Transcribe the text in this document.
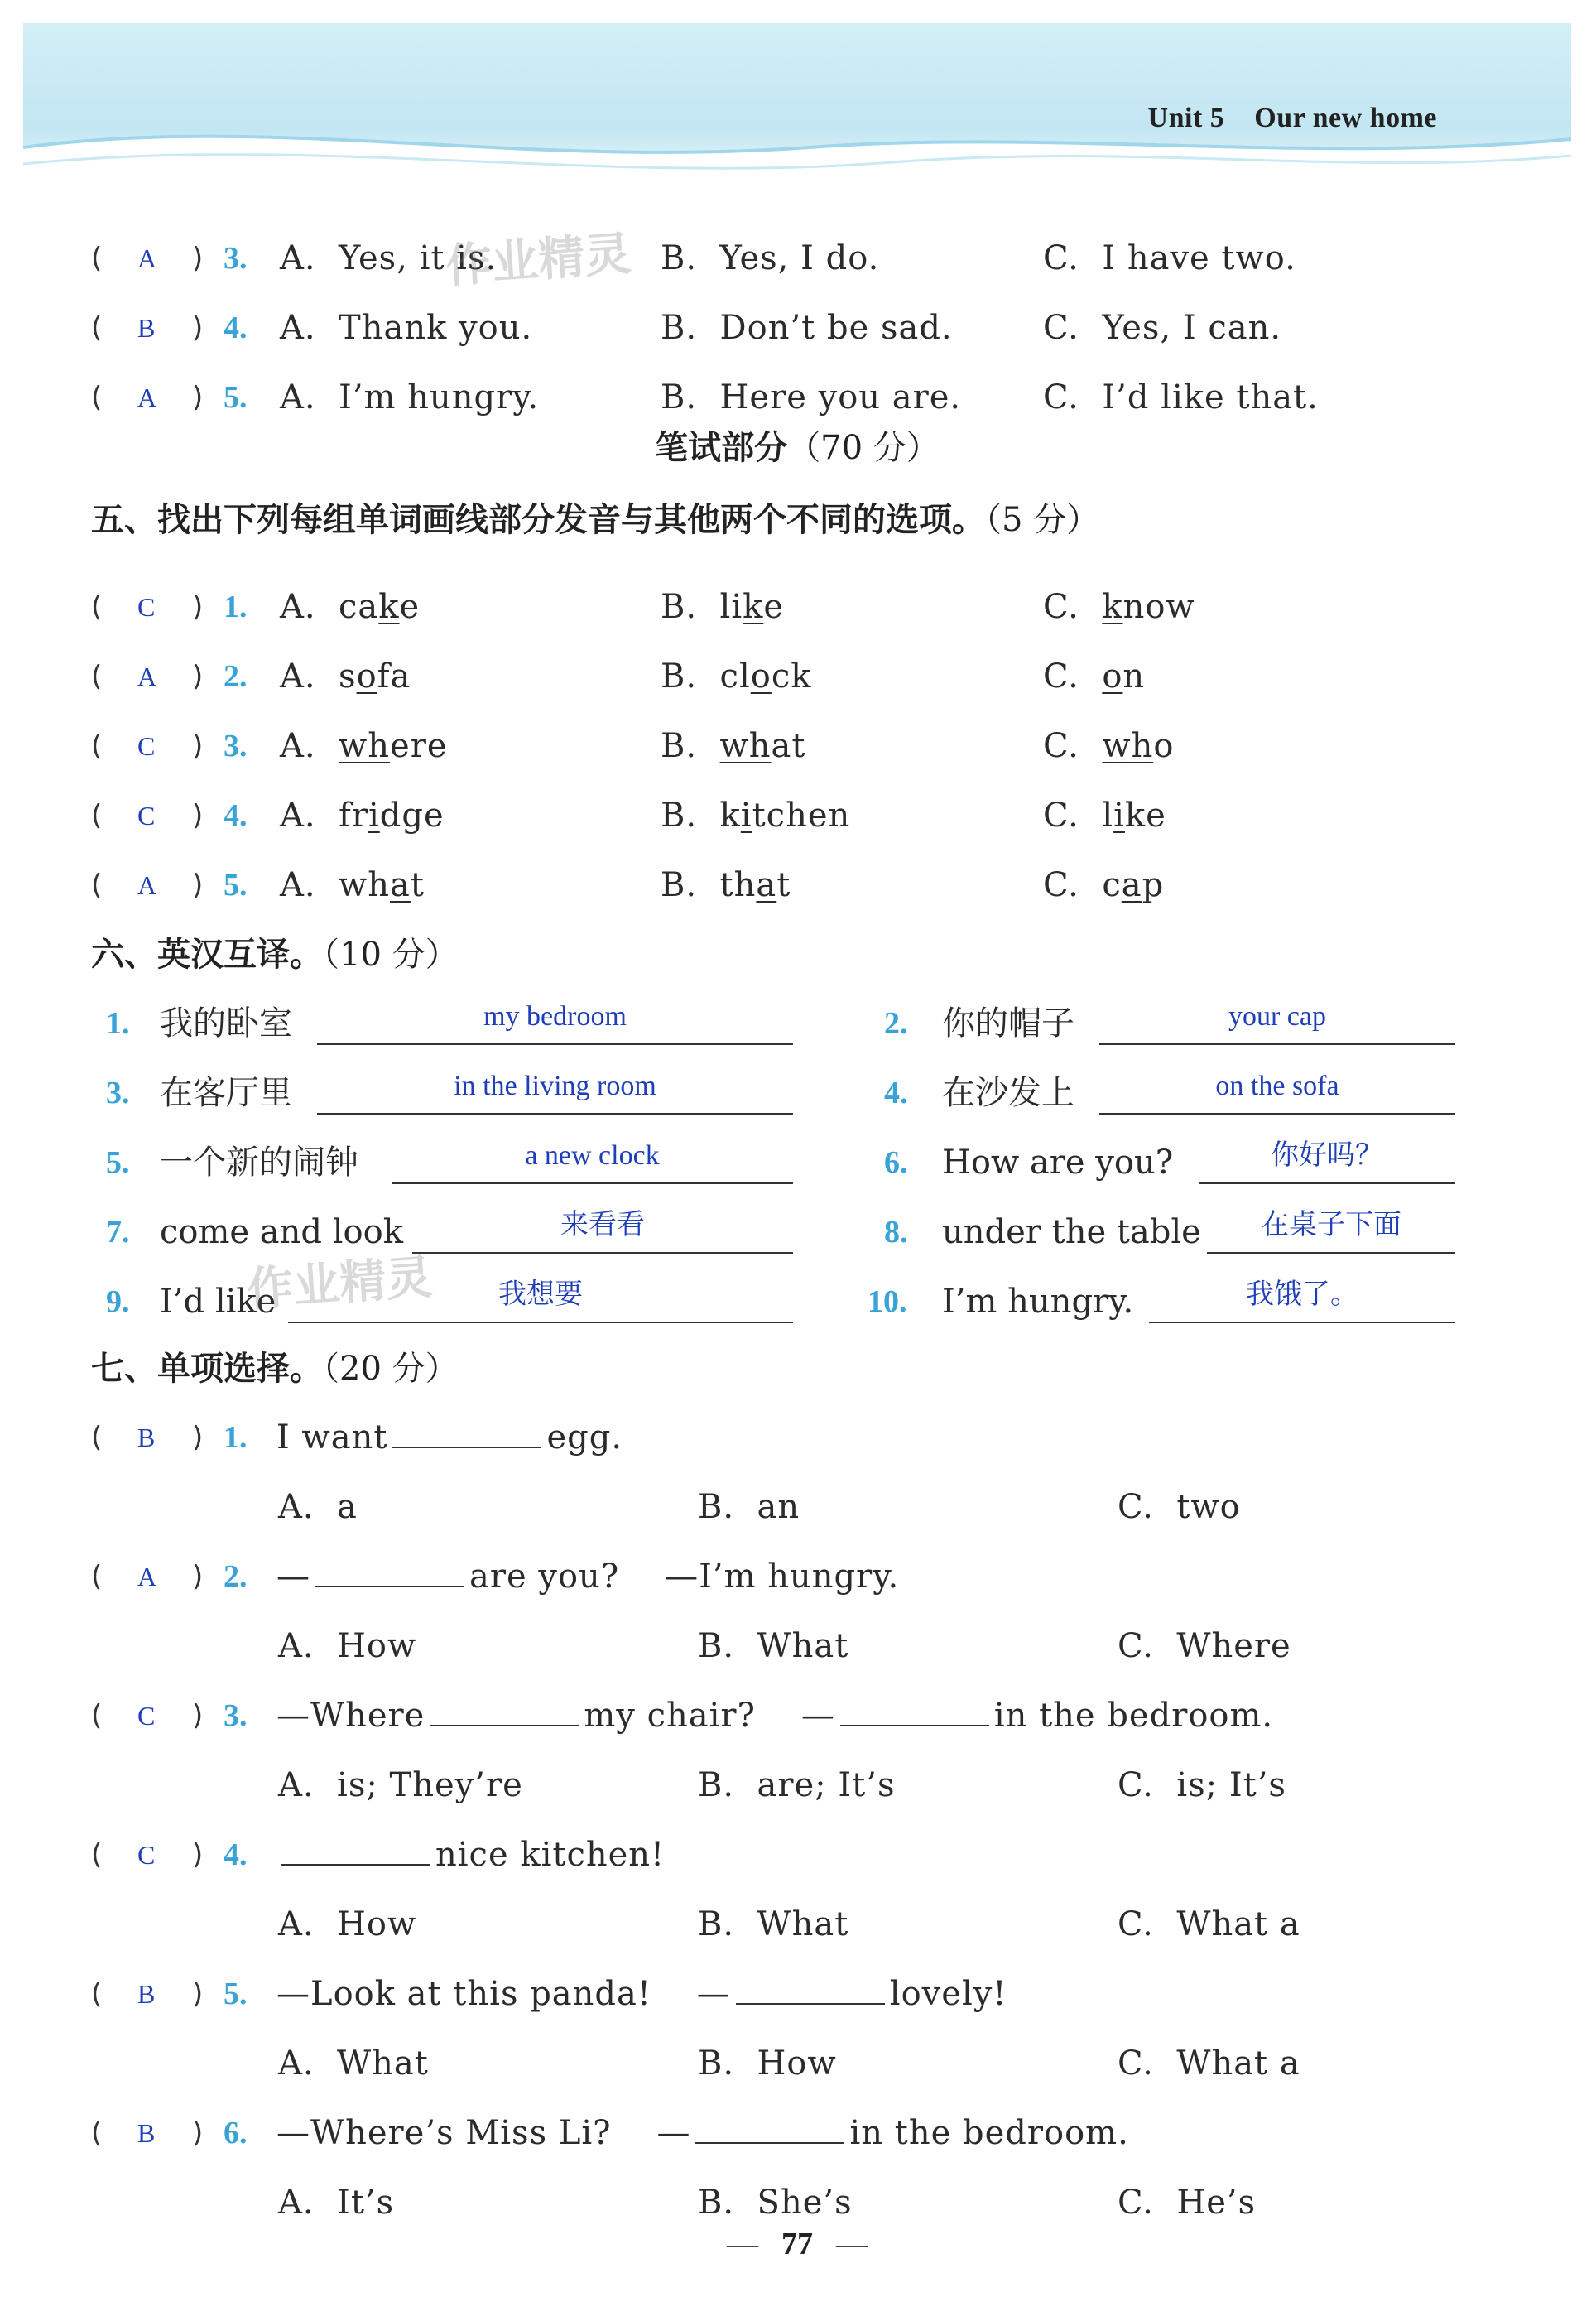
Unit 5    Our new home
( A ) 3. A.  Yes, it is.	B.  Yes, I do.	C.  I have two.
( B ) 4. A.  Thank you.	B.  Don’t be sad.	C.  Yes, I can.
( A ) 5. A.  I’m hungry.	B.  Here you are. C.  I’d like that.
作业精灵
笔试部分（70 分）
五、找出下列每组单词画线部分发音与其他两个不同的选项。（5 分）
( C ) 1. A.  cake	B.  like	C.  know
( A ) 2. A.  sofa	B.  clock	C.  on
( C ) 3. A.  where	B.  what	C.  who
( C ) 4. A.  fridge	B.  kitchen	C.  like
( A ) 5. A.  what	B.  that	C.  cap
六、英汉互译。（10 分）
1. 我的卧室	my bedroom	2. 你的帽子	your cap
3. 在客厅里	in the living room	4. 在沙发上	on the sofa
5. 一个新的闹钟	a new clock	6. How are you?	你好吗？
7. come and look	来看看	8. under the table	在桌子下面
9. I’d like	我想要	10. I’m hungry.	我饿了。
作业精灵
七、单项选择。（20 分）
( B ) 1. I want	egg.
A.  a	B.  an	C.  two
( A ) 2. —	are you?    —I’m hungry.
A.  How	B.  What	C.  Where
( C ) 3. —Where	my chair?    —	in the bedroom.
A.  is; They’re	B.  are; It’s	C.  is; It’s
( C ) 4.	nice kitchen!
A.  How	B.  What	C.  What a
( B ) 5. —Look at this panda!    —	lovely!
A.  What	B.  How	C.  What a
( B ) 6. —Where’s Miss Li?    —	in the bedroom.
A.  It’s	B.  She’s	C.  He’s
— 77 —
